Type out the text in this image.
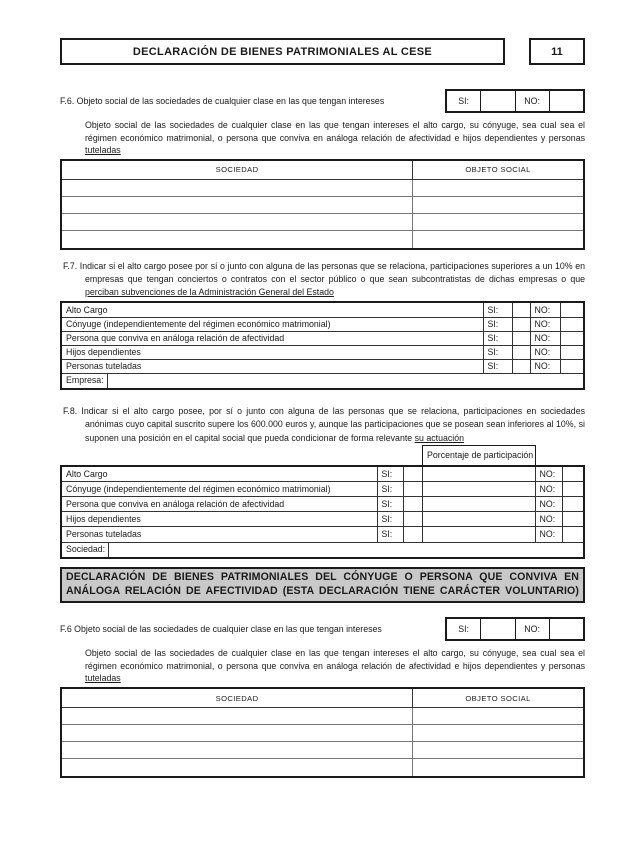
DECLARACIÓN DE BIENES PATRIMONIALES AL CESE	11
F.6. Objeto social de las sociedades de cualquier clase en las que tengan intereses	SI:	NO:
Objeto social de las sociedades de cualquier clase en las que tengan intereses el alto cargo, su cónyuge, sea cual sea el régimen económico matrimonial, o persona que conviva en análoga relación de afectividad e hijos dependientes y personas tuteladas
SOCIEDAD	OBJETO SOCIAL

F.7. Indicar si el alto cargo posee por sí o junto con alguna de las personas que se relaciona, participaciones superiores a un 10% en empresas que tengan conciertos o contratos con el sector público o que sean subcontratistas de dichas empresas o que perciban subvenciones de la Administración General del Estado
Alto Cargo	SI:		NO:	
Cónyuge (independientemente del régimen económico matrimonial)	SI:		NO:	
Persona que conviva en análoga relación de afectividad	SI:		NO:	
Hijos dependientes	SI:		NO:	
Personas tuteladas	SI:		NO:	
Empresa:
F.8. Indicar si el alto cargo posee, por sí o junto con alguna de las personas que se relaciona, participaciones en sociedades anónimas cuyo capital suscrito supere los 600.000 euros y, aunque las participaciones que se posean sean inferiores al 10%, si suponen una posición en el capital social que pueda condicionar de forma relevante su actuación
Porcentaje de participación
Alto Cargo	SI:			NO:	
Cónyuge (independientemente del régimen económico matrimonial)	SI:			NO:	
Persona que conviva en análoga relación de afectividad	SI:			NO:	
Hijos dependientes	SI:			NO:	
Personas tuteladas	SI:			NO:	
Sociedad:
DECLARACIÓN DE BIENES PATRIMONIALES DEL CÓNYUGE O PERSONA QUE CONVIVA EN ANÁLOGA RELACIÓN DE AFECTIVIDAD (ESTA DECLARACIÓN TIENE CARÁCTER VOLUNTARIO)
F.6 Objeto social de las sociedades de cualquier clase en las que tengan intereses	SI:	NO:
Objeto social de las sociedades de cualquier clase en las que tengan intereses el alto cargo, su cónyuge, sea cual sea el régimen económico matrimonial, o persona que conviva en análoga relación de afectividad e hijos dependientes y personas tuteladas
SOCIEDAD	OBJETO SOCIAL
